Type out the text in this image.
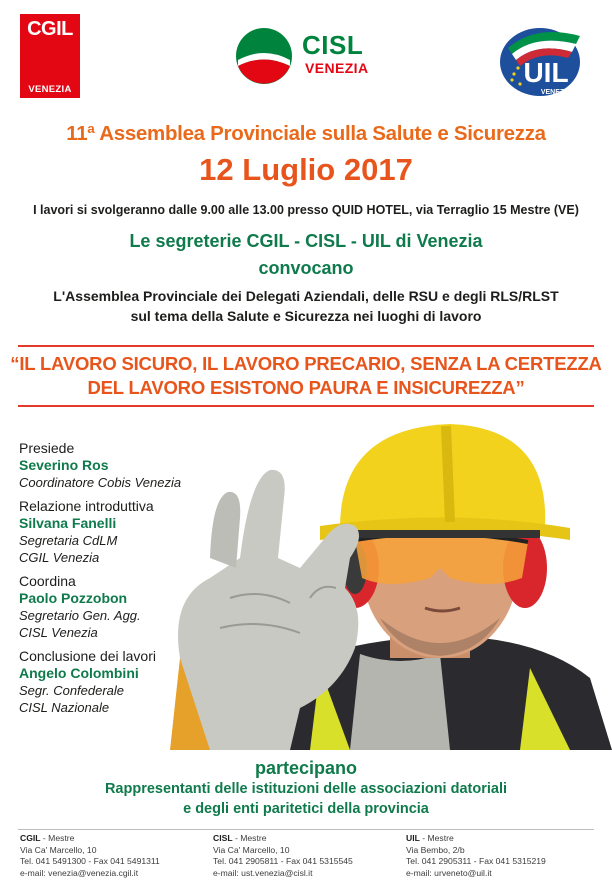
CGIL
VENEZIA
CISL
VENEZIA	UIL
VENEZIA
11ª Assemblea Provinciale sulla Salute e Sicurezza
12 Luglio 2017
I lavori si svolgeranno dalle 9.00 alle 13.00 presso QUID HOTEL, via Terraglio 15 Mestre (VE)
Le segreterie CGIL - CISL - UIL di Venezia
convocano
L'Assemblea Provinciale dei Delegati Aziendali, delle RSU e degli RLS/RLST
sul tema della Salute e Sicurezza nei luoghi di lavoro
“IL LAVORO SICURO, IL LAVORO PRECARIO, SENZA LA CERTEZZA
DEL LAVORO ESISTONO PAURA E INSICUREZZA”
Presiede
Severino Ros
Coordinatore Cobis Venezia
Relazione introduttiva
Silvana Fanelli
Segretaria CdLM
CGIL Venezia
Coordina
Paolo Pozzobon
Segretario Gen. Agg.
CISL Venezia
Conclusione dei lavori
Angelo Colombini
Segr. Confederale
CISL Nazionale
partecipano
Rappresentanti delle istituzioni delle associazioni datoriali
e degli enti paritetici della provincia
CGIL - Mestre
Via Ca' Marcello, 10
Tel. 041 5491300 - Fax 041 5491311
e-mail: venezia@venezia.cgil.it
CISL - Mestre
Via Ca' Marcello, 10
Tel. 041 2905811 - Fax 041 5315545
e-mail: ust.venezia@cisl.it
UIL - Mestre
Via Bembo, 2/b
Tel. 041 2905311 - Fax 041 5315219
e-mail: urveneto@uil.it
